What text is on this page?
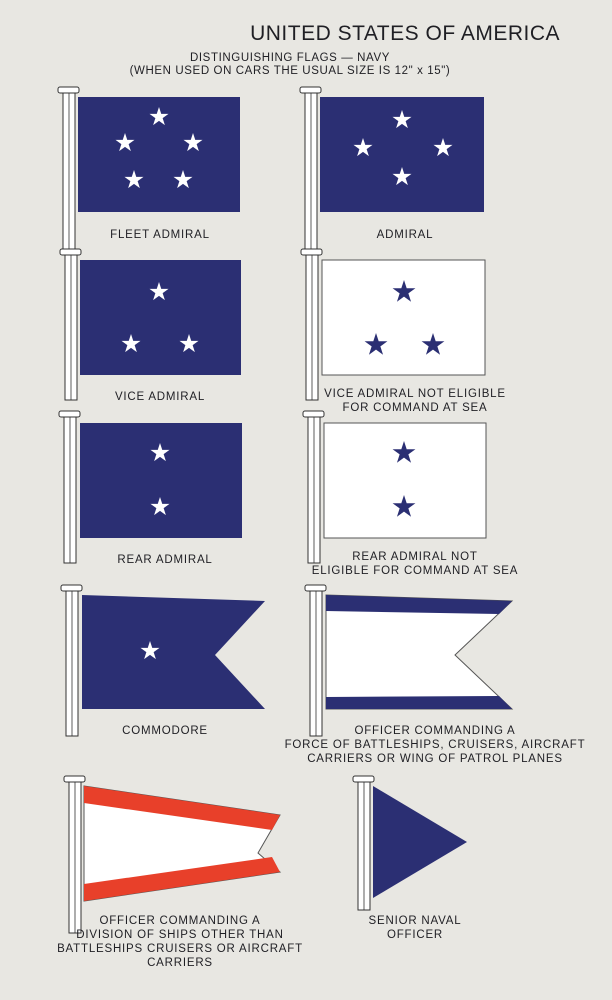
UNITED STATES OF AMERICA
DISTINGUISHING FLAGS — NAVY
(WHEN USED ON CARS THE USUAL SIZE IS 12" x 15")
FLEET ADMIRAL	ADMIRAL
VICE ADMIRAL	VICE ADMIRAL NOT ELIGIBLE
FOR COMMAND AT SEA
REAR ADMIRAL	REAR ADMIRAL NOT
ELIGIBLE FOR COMMAND AT SEA
COMMODORE	OFFICER COMMANDING A
FORCE OF BATTLESHIPS, CRUISERS, AIRCRAFT
CARRIERS OR WING OF PATROL PLANES
OFFICER COMMANDING A
DIVISION OF SHIPS OTHER THAN
BATTLESHIPS CRUISERS OR AIRCRAFT
CARRIERS
SENIOR NAVAL
OFFICER
